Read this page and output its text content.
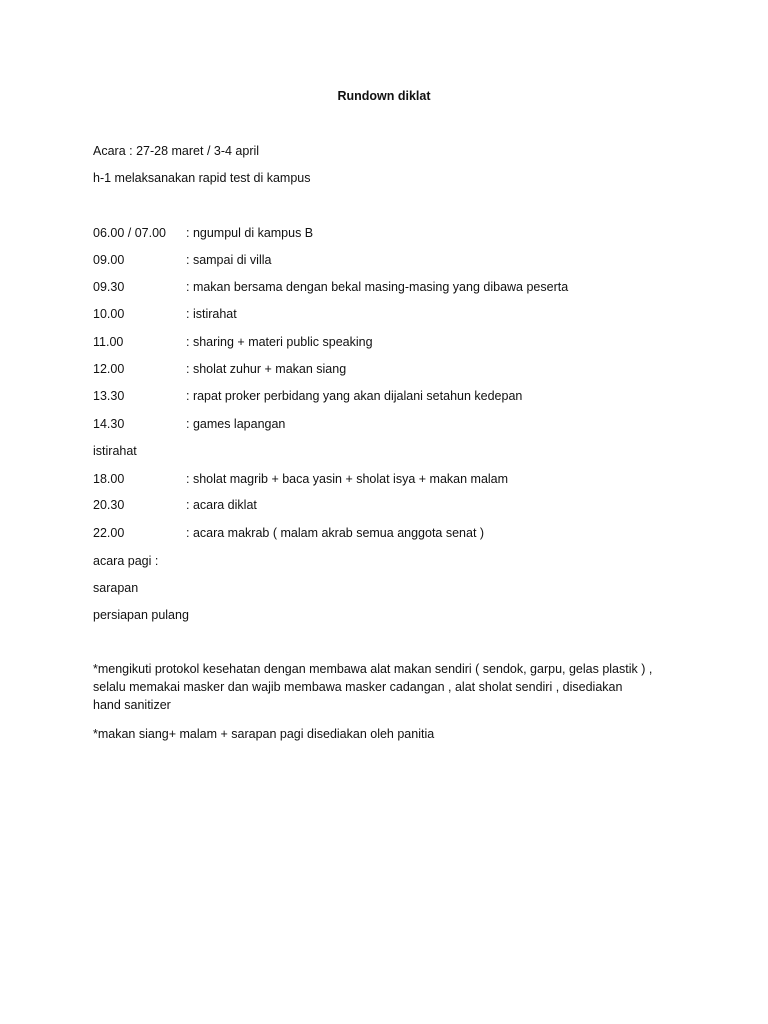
Rundown diklat
Acara : 27-28 maret / 3-4 april
h-1 melaksanakan rapid test di kampus
06.00 / 07.00 : ngumpul di kampus B
09.00	: sampai di villa
09.30	: makan bersama dengan bekal masing-masing yang dibawa peserta
10.00	: istirahat
11.00	: sharing + materi public speaking
12.00	: sholat zuhur + makan siang
13.30	: rapat proker perbidang yang akan dijalani setahun kedepan
14.30	: games lapangan
istirahat
18.00	: sholat magrib + baca yasin + sholat isya + makan malam
20.30	: acara diklat
22.00	: acara makrab ( malam akrab semua anggota senat )
acara pagi :
sarapan
persiapan pulang
*mengikuti protokol kesehatan dengan membawa alat makan sendiri ( sendok, garpu, gelas plastik ) , selalu memakai masker dan wajib membawa masker cadangan , alat sholat sendiri , disediakan hand sanitizer
*makan siang+ malam + sarapan pagi disediakan oleh panitia
